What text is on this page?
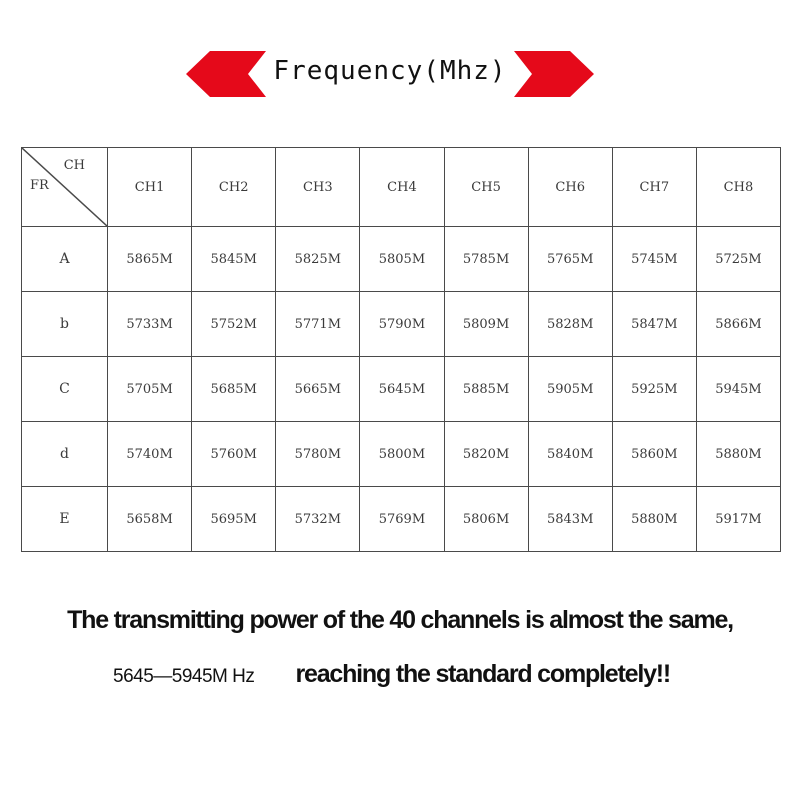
Frequency(Mhz)
CH
FR	CH1	CH2	CH3	CH4	CH5	CH6	CH7	CH8
A	5865M	5845M	5825M	5805M	5785M	5765M	5745M	5725M
b	5733M	5752M	5771M	5790M	5809M	5828M	5847M	5866M
C	5705M	5685M	5665M	5645M	5885M	5905M	5925M	5945M
d	5740M	5760M	5780M	5800M	5820M	5840M	5860M	5880M
E	5658M	5695M	5732M	5769M	5806M	5843M	5880M	5917M
The transmitting power of the 40 channels is almost the same,
5645—5945M Hz reaching the standard completely!!
